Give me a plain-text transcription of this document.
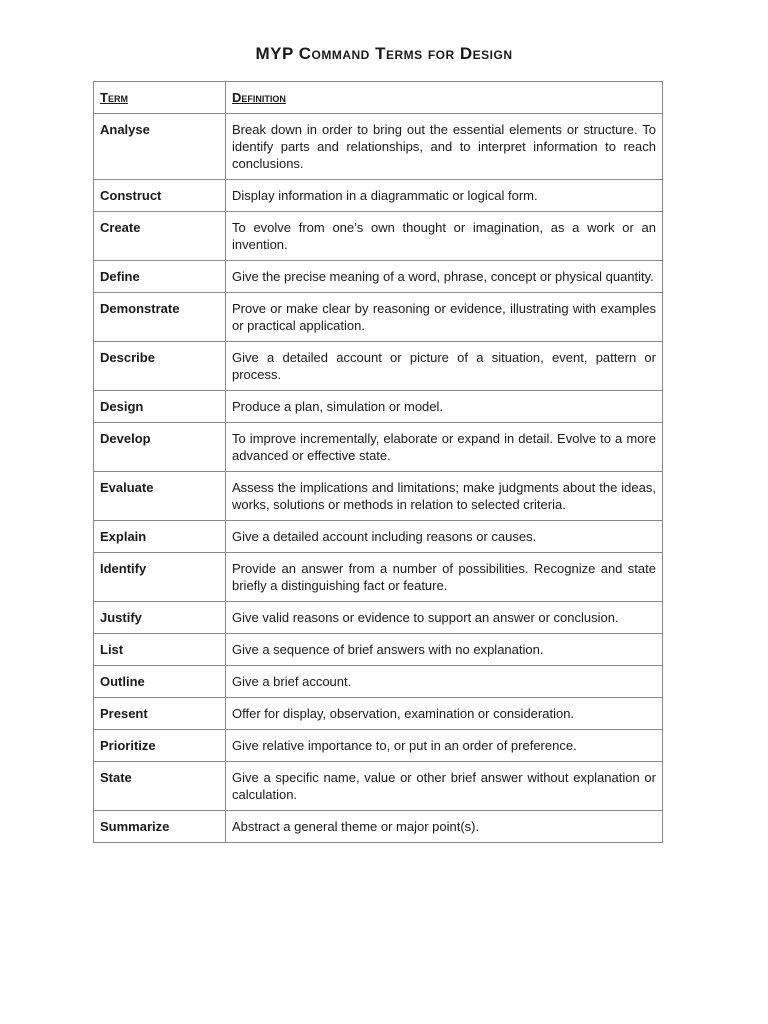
MYP Command Terms for Design
Term	Definition
Analyse	Break down in order to bring out the essential elements or structure. To identify parts and relationships, and to interpret information to reach conclusions.
Construct	Display information in a diagrammatic or logical form.
Create	To evolve from one’s own thought or imagination, as a work or an invention.
Define	Give the precise meaning of a word, phrase, concept or physical quantity.
Demonstrate	Prove or make clear by reasoning or evidence, illustrating with examples or practical application.
Describe	Give a detailed account or picture of a situation, event, pattern or process.
Design	Produce a plan, simulation or model.
Develop	To improve incrementally, elaborate or expand in detail. Evolve to a more advanced or effective state.
Evaluate	Assess the implications and limitations; make judgments about the ideas, works, solutions or methods in relation to selected criteria.
Explain	Give a detailed account including reasons or causes.
Identify	Provide an answer from a number of possibilities. Recognize and state briefly a distinguishing fact or feature.
Justify	Give valid reasons or evidence to support an answer or conclusion.
List	Give a sequence of brief answers with no explanation.
Outline	Give a brief account.
Present	Offer for display, observation, examination or consideration.
Prioritize	Give relative importance to, or put in an order of preference.
State	Give a specific name, value or other brief answer without explanation or calculation.
Summarize	Abstract a general theme or major point(s).
